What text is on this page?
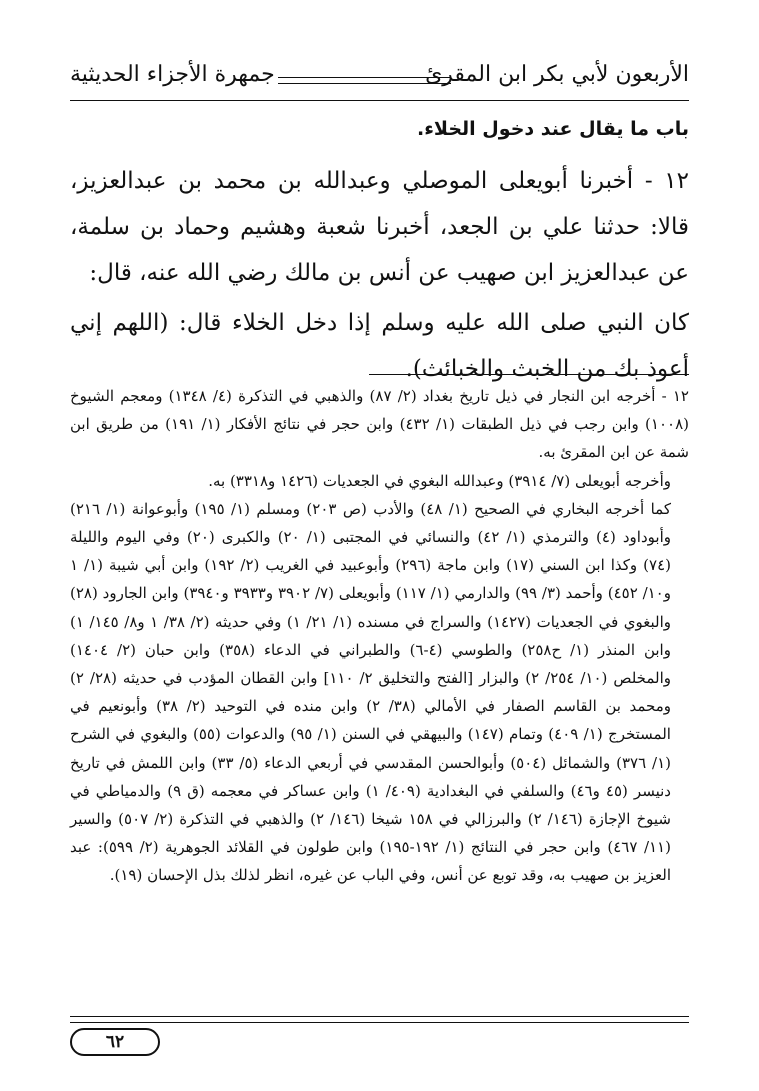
الأربعون لأبي بكر ابن المقرئ
جمهرة الأجزاء الحديثية
باب ما يقال عند دخول الخلاء.

١٢ - أخبرنا أبويعلى الموصلي وعبدالله بن محمد بن عبدالعزيز، قالا: حدثنا علي بن الجعد، أخبرنا شعبة وهشيم وحماد بن سلمة، عن عبدالعزيز ابن صهيب عن أنس بن مالك رضي الله عنه، قال:

كان النبي صلى الله عليه وسلم إذا دخل الخلاء قال: (اللهم إني أعوذ بك من الخبث والخبائث).

١٢ - أخرجه ابن النجار في ذيل تاريخ بغداد (٢/ ٨٧) والذهبي في التذكرة (٤/ ١٣٤٨) ومعجم الشيوخ (١٠٠٨) وابن رجب في ذيل الطبقات (١/ ٤٣٢) وابن حجر في نتائج الأفكار (١/ ١٩١) من طريق ابن شمة عن ابن المقرئ به.

وأخرجه أبويعلى (٧/ ٣٩١٤) وعبدالله البغوي في الجعديات (١٤٢٦ و٣٣١٨) به.

كما أخرجه البخاري في الصحيح (١/ ٤٨) والأدب (ص ٢٠٣) ومسلم (١/ ١٩٥) وأبوعوانة (١/ ٢١٦) وأبوداود (٤) والترمذي (١/ ٤٢) والنسائي في المجتبى (١/ ٢٠) والكبرى (٢٠) وفي اليوم والليلة (٧٤) وكذا ابن السني (١٧) وابن ماجة (٢٩٦) وأبوعبيد في الغريب (٢/ ١٩٢) وابن أبي شيبة (١/ ١ و١٠/ ٤٥٢) وأحمد (٣/ ٩٩) والدارمي (١/ ١١٧) وأبويعلى (٧/ ٣٩٠٢ و٣٩٣٣ و٣٩٤٠) وابن الجارود (٢٨) والبغوي في الجعديات (١٤٢٧) والسراج في مسنده (١/ ٢١/ ١) وفي حديثه (٢/ ٣٨/ ١ و٨/ ١٤٥/ ١) وابن المنذر (١/ ح٢٥٨) والطوسي (٤-٦) والطبراني في الدعاء (٣٥٨) وابن حبان (٢/ ١٤٠٤) والمخلص (١٠/ ٢٥٤/ ٢) والبزار [الفتح والتخليق ٢/ ١١٠] وابن القطان المؤدب في حديثه (٢٨/ ٢) ومحمد بن القاسم الصفار في الأمالي (٣٨/ ٢) وابن منده في التوحيد (٢/ ٣٨) وأبونعيم في المستخرج (١/ ٤٠٩) وتمام (١٤٧) والبيهقي في السنن (١/ ٩٥) والدعوات (٥٥) والبغوي في الشرح (١/ ٣٧٦) والشمائل (٥٠٤) وأبوالحسن المقدسي في أربعي الدعاء (٥/ ٣٣) وابن اللمش في تاريخ دنيسر (٤٥ و٤٦) والسلفي في البغدادية (٤٠٩/ ١) وابن عساكر في معجمه (ق ٩) والدمياطي في شيوخ الإجازة (١٤٦/ ٢) والبرزالي في ١٥٨ شيخا (١٤٦/ ٢) والذهبي في التذكرة (٢/ ٥٠٧) والسير (١١/ ٤٦٧) وابن حجر في النتائج (١/ ١٩٢-١٩٥) وابن طولون في القلائد الجوهرية (٢/ ٥٩٩): عبد العزيز بن صهيب به، وقد توبع عن أنس، وفي الباب عن غيره، انظر لذلك بذل الإحسان (١٩).

٦٢
